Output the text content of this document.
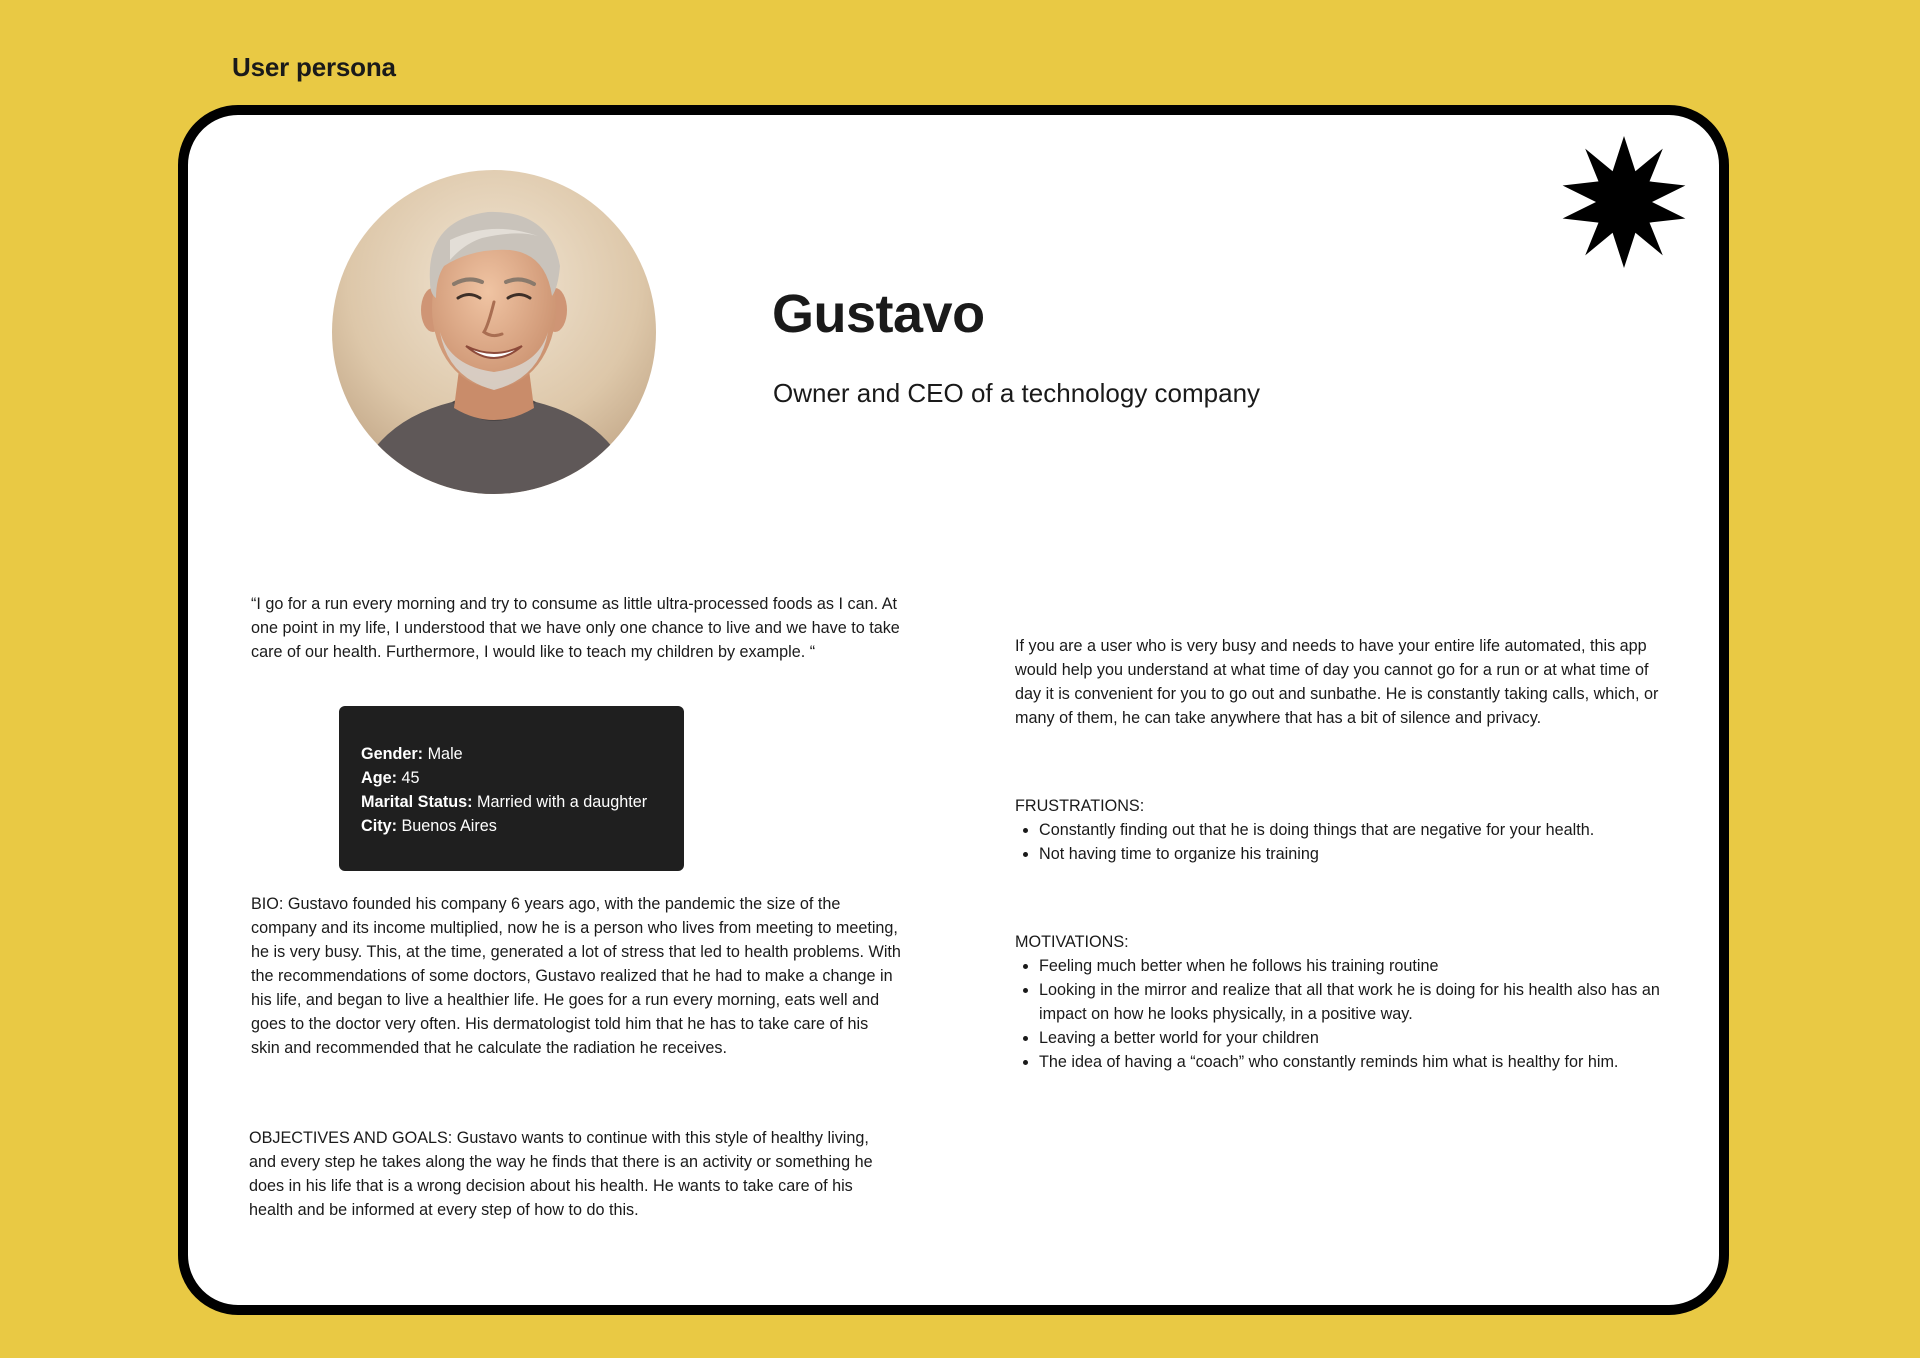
User persona
Gustavo

Owner and CEO of a technology company

“I go for a run every morning and try to consume as little ultra-processed foods as I can. At one point in my life, I understood that we have only one chance to live and we have to take care of our health. Furthermore, I would like to teach my children by example. “

Gender: Male
Age: 45
Marital Status: Married with a daughter
City: Buenos Aires

BIO: Gustavo founded his company 6 years ago, with the pandemic the size of the company and its income multiplied, now he is a person who lives from meeting to meeting, he is very busy. This, at the time, generated a lot of stress that led to health problems. With the recommendations of some doctors, Gustavo realized that he had to make a change in his life, and began to live a healthier life. He goes for a run every morning, eats well and goes to the doctor very often. His dermatologist told him that he has to take care of his skin and recommended that he calculate the radiation he receives.

OBJECTIVES AND GOALS: Gustavo wants to continue with this style of healthy living, and every step he takes along the way he finds that there is an activity or something he does in his life that is a wrong decision about his health. He wants to take care of his health and be informed at every step of how to do this.

If you are a user who is very busy and needs to have your entire life automated, this app would help you understand at what time of day you cannot go for a run or at what time of day it is convenient for you to go out and sunbathe. He is constantly taking calls, which, or many of them, he can take anywhere that has a bit of silence and privacy.

FRUSTRATIONS:

• Constantly finding out that he is doing things that are negative for your health.
• Not having time to organize his training

MOTIVATIONS:

• Feeling much better when he follows his training routine
• Looking in the mirror and realize that all that work he is doing for his health also has an impact on how he looks physically, in a positive way.
• Leaving a better world for your children
• The idea of having a “coach” who constantly reminds him what is healthy for him.
